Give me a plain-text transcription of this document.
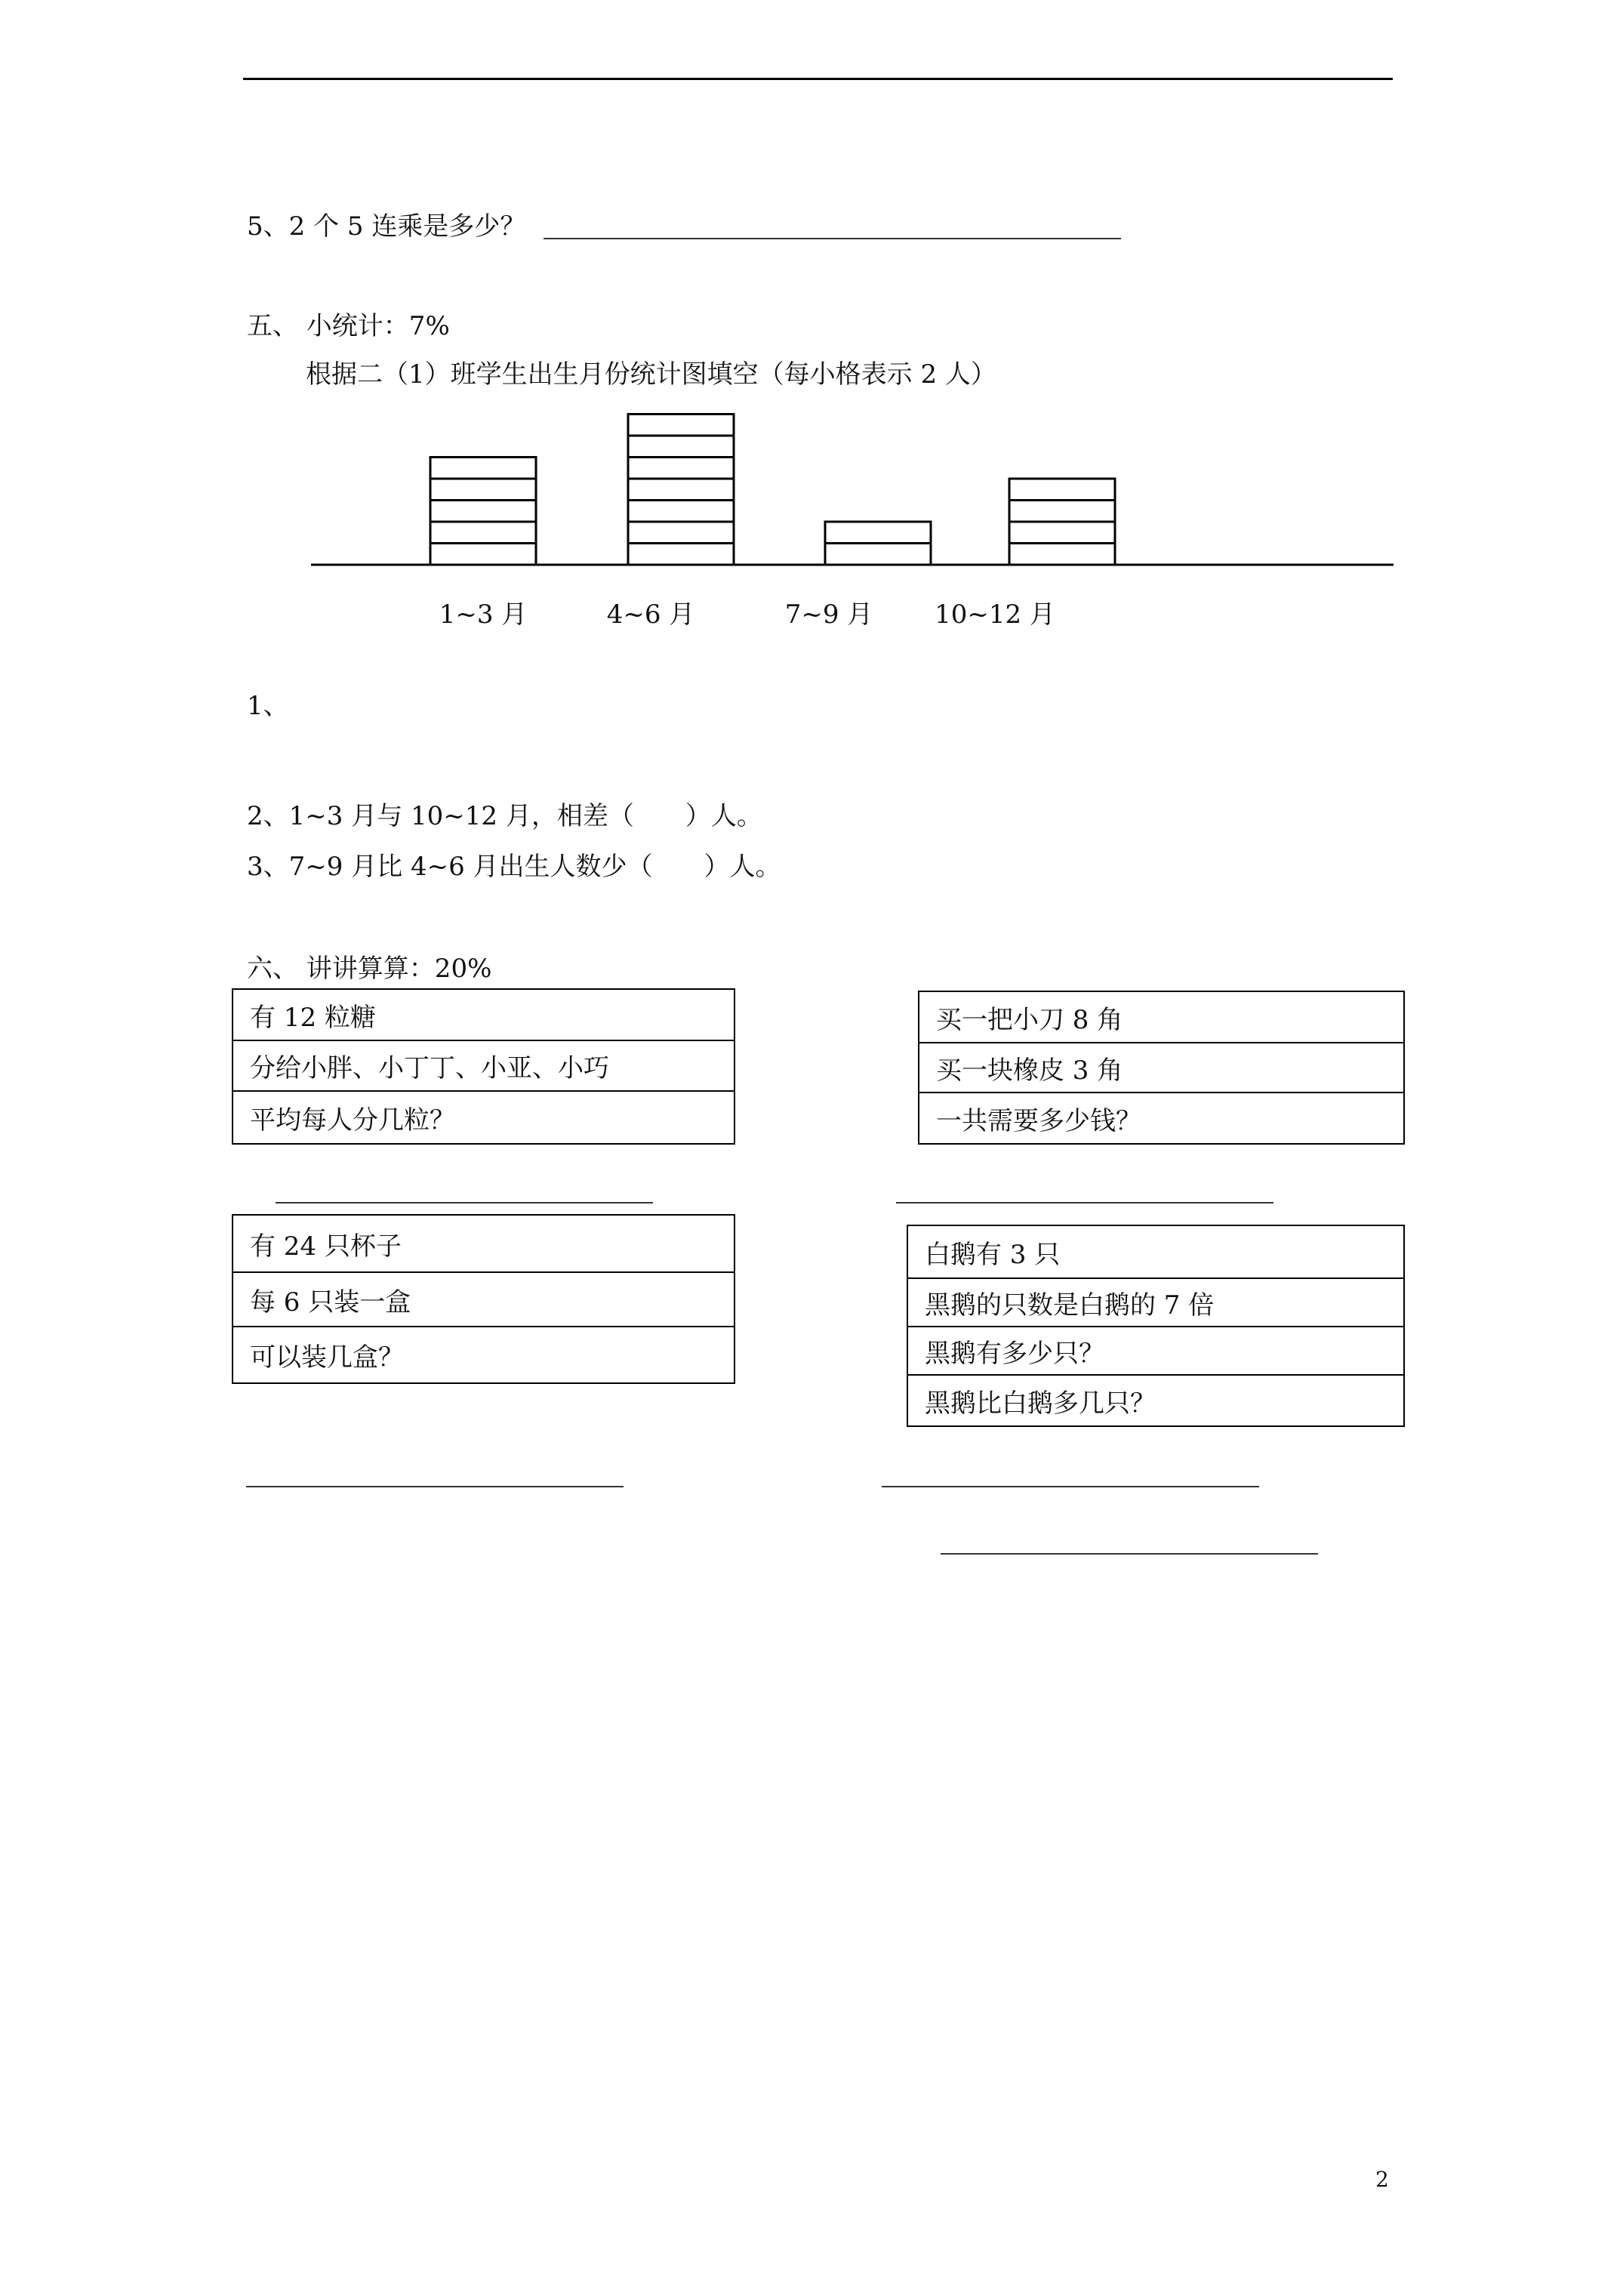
5、2 个 5 连乘是多少？
五、 小统计：7%
根据二（1）班学生出生月份统计图填空（每小格表示 2 人）
1~3 月	4~6 月	7~9 月 10~12 月
1、
2、1~3 月与 10~12 月，相差（　　）人。
3、7~9 月比 4~6 月出生人数少（　　）人。
六、 讲讲算算：20%
有 12 粒糖
分给小胖、小丁丁、小亚、小巧
平均每人分几粒？
买一把小刀 8 角
买一块橡皮 3 角
一共需要多少钱？
有 24 只杯子
每 6 只装一盒
可以装几盒？
白鹅有 3 只
黑鹅的只数是白鹅的 7 倍
黑鹅有多少只？
黑鹅比白鹅多几只？
2
